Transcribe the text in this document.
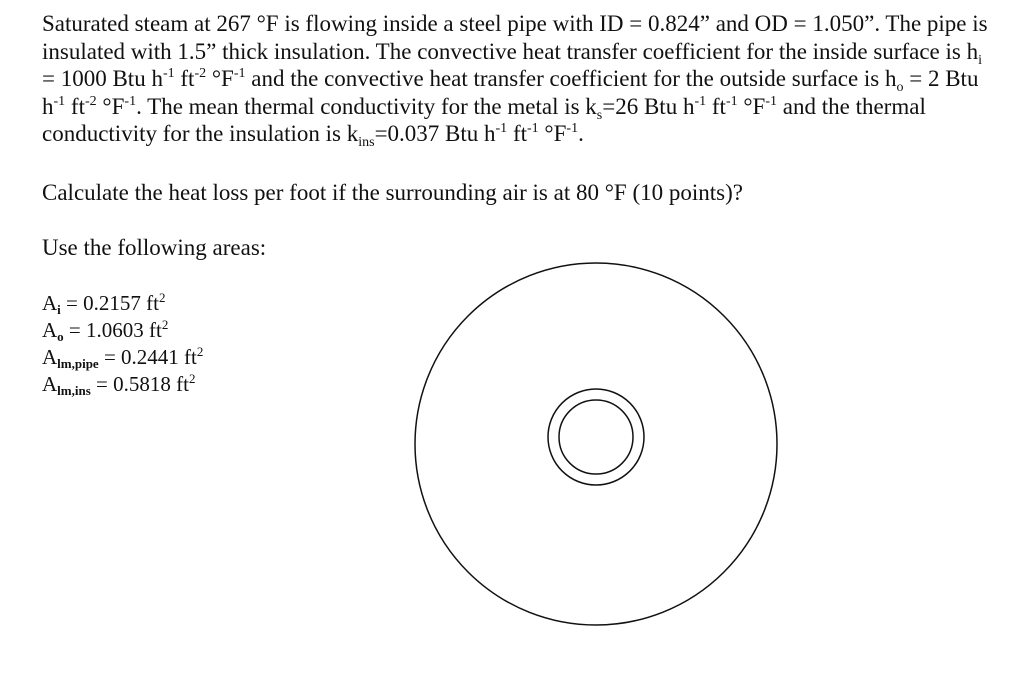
Saturated steam at 267 °F is flowing inside a steel pipe with ID = 0.824” and OD = 1.050”. The pipe is insulated with 1.5” thick insulation. The convective heat transfer coefficient for the inside surface is $h_i = 1000$ Btu $h^{-1}$ $ft^{-2}$ $^\circ F^{-1}$ and the convective heat transfer coefficient for the outside surface is $h_o = 2$ Btu $h^{-1}$ $ft^{-2}$ $^\circ F^{-1}$. The mean thermal conductivity for the metal is $k_s=26$ Btu $h^{-1}$ $ft^{-1}$ $^\circ F^{-1}$ and the thermal conductivity for the insulation is $k_{ins}=0.037$ Btu $h^{-1}$ $ft^{-1}$ $^\circ F^{-1}$.

Calculate the heat loss per foot if the surrounding air is at 80 °F (10 points)?

Use the following areas:

$A_i = 0.2157$ $ft^2$
$A_o = 1.0603$ $ft^2$
$A_{lm,pipe} = 0.2441$ $ft^2$
$A_{lm,ins} = 0.5818$ $ft^2$
